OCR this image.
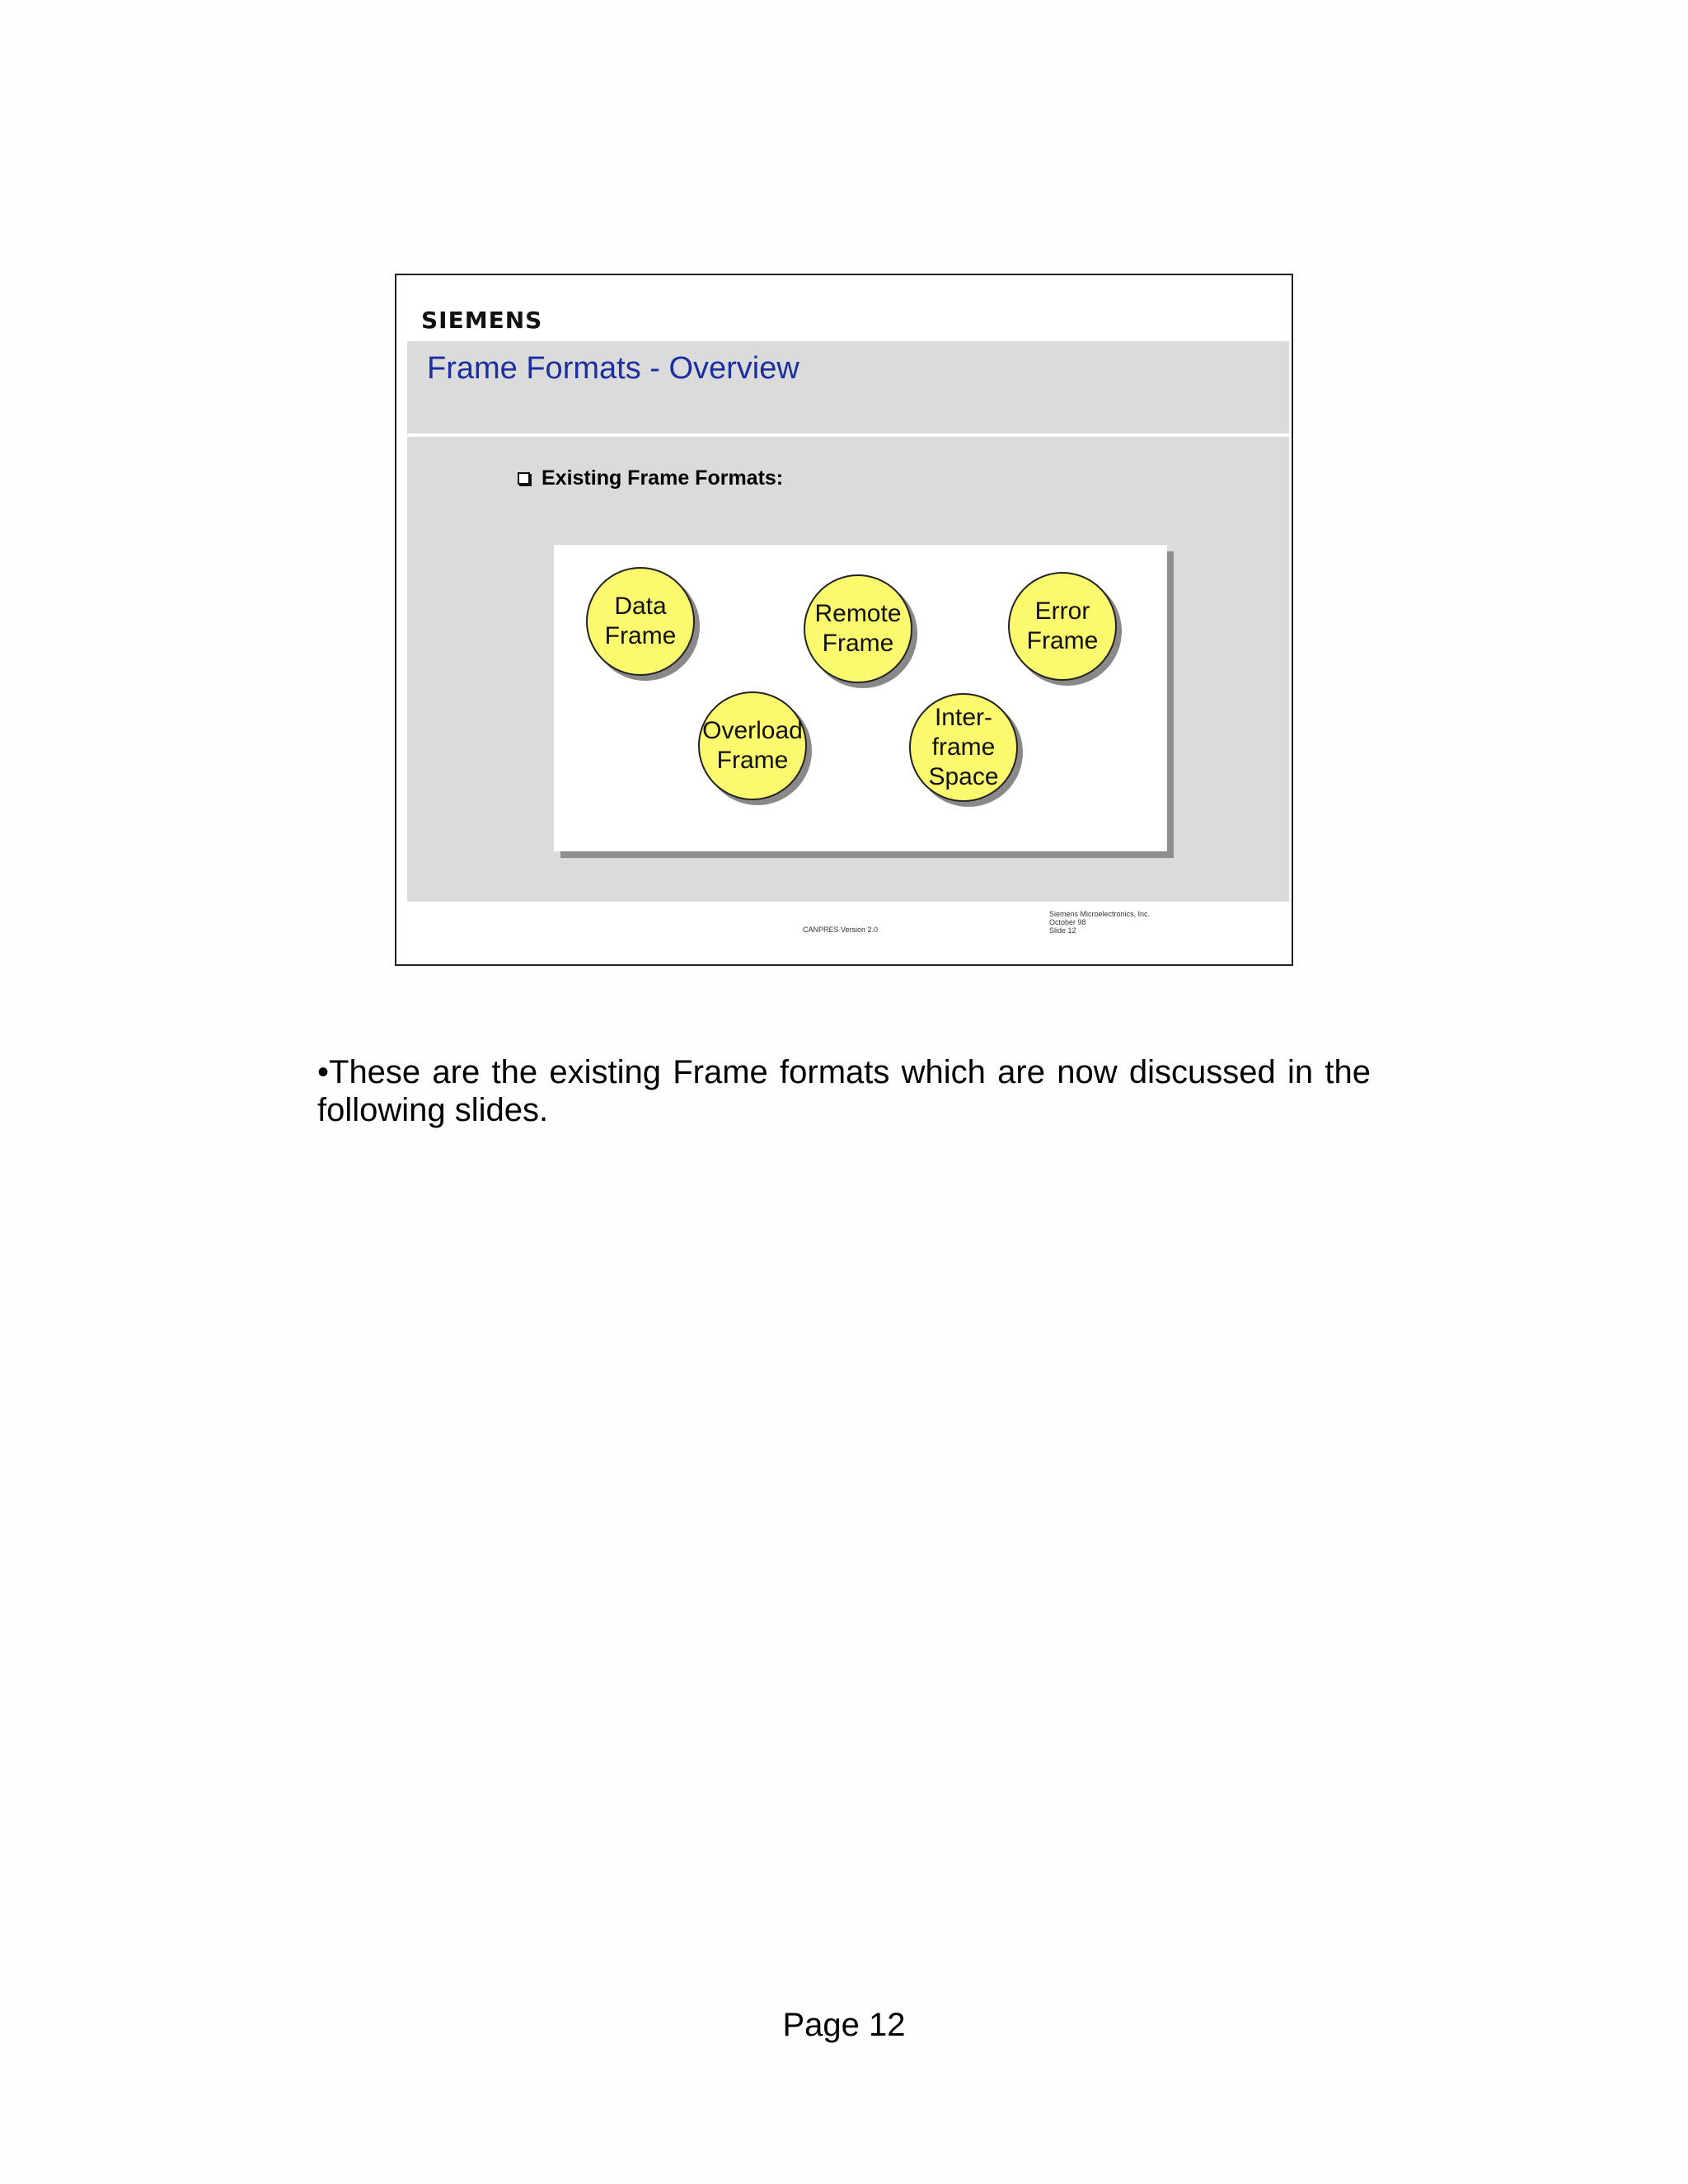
SIEMENS
Frame Formats - Overview
Existing Frame Formats:
Data
Frame
Remote
Frame
Error
Frame
Overload
Frame
Inter-
frame
Space
CANPRES Version 2.0
Siemens Microelectronics, Inc.
October 98
Slide 12
•These are the existing Frame formats which are now discussed in the following slides.
Page 12
